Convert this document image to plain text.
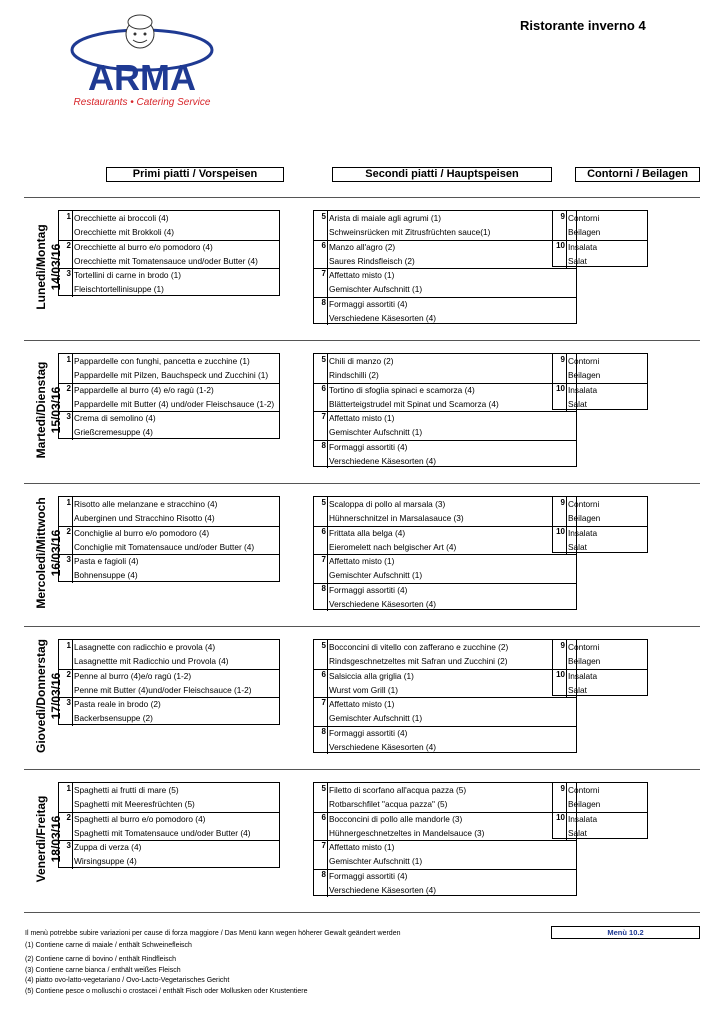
Ristorante inverno 4
ARMA
Restaurants • Catering Service
Primi piatti / Vorspeisen	Secondi piatti / Hauptspeisen	Contorni / Beilagen
Lunedì/Montag 14/03/16
1 Orecchiette ai broccoli (4)
Orecchiette mit Brokkoli (4)
2 Orecchiette al burro e/o pomodoro (4)
Orecchiette mit Tomatensauce und/oder Butter (4)
3 Tortellini di carne in brodo (1)
Fleischtortellinisuppe (1)
5 Arista di maiale agli agrumi (1)
Schweinsrücken mit Zitrusfrüchten sauce(1)
6 Manzo all'agro (2)
Saures Rindsfleisch (2)
7 Affettato misto (1)
Gemischter Aufschnitt (1)
8 Formaggi assortiti (4)
Verschiedene Käsesorten (4)
9 Contorni
Beilagen
10 Insalata
Salat
Martedì/Dienstag 15/03/16
1 Pappardelle con funghi, pancetta e zucchine (1)
Pappardelle mit Pilzen, Bauchspeck und Zucchini (1)
2 Pappardelle al burro (4) e/o ragù (1-2)
Pappardelle mit Butter (4) und/oder Fleischsauce (1-2)
3 Crema di semolino (4)
Grießcremesuppe (4)
5 Chili di manzo (2)
Rindschilli (2)
6 Tortino di sfoglia spinaci e scamorza (4)
Blätterteigstrudel mit Spinat und Scamorza (4)
7 Affettato misto (1)
Gemischter Aufschnitt (1)
8 Formaggi assortiti (4)
Verschiedene Käsesorten (4)
9 Contorni
Beilagen
10 Insalata
Salat
Mercoledì/Mittwoch 16/03/16
1 Risotto alle melanzane e stracchino (4)
Auberginen und Stracchino Risotto (4)
2 Conchiglie al burro e/o pomodoro (4)
Conchiglie mit Tomatensauce und/oder Butter (4)
3 Pasta e fagioli (4)
Bohnensuppe (4)
5 Scaloppa di pollo al marsala (3)
Hühnerschnitzel in Marsalasauce (3)
6 Frittata alla belga (4)
Eieromelett nach belgischer Art (4)
7 Affettato misto (1)
Gemischter Aufschnitt (1)
8 Formaggi assortiti (4)
Verschiedene Käsesorten (4)
9 Contorni
Beilagen
10 Insalata
Salat
Giovedì/Donnerstag 17/03/16
1 Lasagnette con radicchio e provola (4)
Lasagnettte mit Radicchio und Provola (4)
2 Penne al burro (4)e/o ragù (1-2)
Penne mit Butter (4)und/oder Fleischsauce (1-2)
3 Pasta reale in brodo (2)
Backerbsensuppe (2)
5 Bocconcini di vitello con zafferano e zucchine (2)
Rindsgeschnetzeltes mit Safran und Zucchini (2)
6 Salsiccia alla griglia (1)
Wurst vom Grill (1)
7 Affettato misto (1)
Gemischter Aufschnitt (1)
8 Formaggi assortiti (4)
Verschiedene Käsesorten (4)
9 Contorni
Beilagen
10 Insalata
Salat
Venerdì/Freitag 18/03/16
1 Spaghetti ai frutti di mare (5)
Spaghetti mit Meeresfrüchten (5)
2 Spaghetti al burro e/o pomodoro (4)
Spaghetti mit Tomatensauce und/oder Butter (4)
3 Zuppa di verza (4)
Wirsingsuppe (4)
5 Filetto di scorfano all'acqua pazza (5)
Rotbarschfilet "acqua pazza" (5)
6 Bocconcini di pollo alle mandorle (3)
Hühnergeschnetzeltes in Mandelsauce (3)
7 Affettato misto (1)
Gemischter Aufschnitt (1)
8 Formaggi assortiti (4)
Verschiedene Käsesorten (4)
9 Contorni
Beilagen
10 Insalata
Salat
Il menù potrebbe subire variazioni per cause di forza maggiore / Das Menü kann wegen höherer Gewalt geändert werden
(1) Contiene carne di maiale / enthält Schweinefleisch
(2) Contiene carne di bovino / enthält Rindfleisch
(3) Contiene carne bianca / enthält weißes Fleisch
(4) piatto ovo-latto-vegetariano / Ovo-Lacto-Vegetarisches Gericht
(5) Contiene pesce o molluschi o crostacei / enthält Fisch oder Mollusken oder Krustentiere
Menù 10.2
